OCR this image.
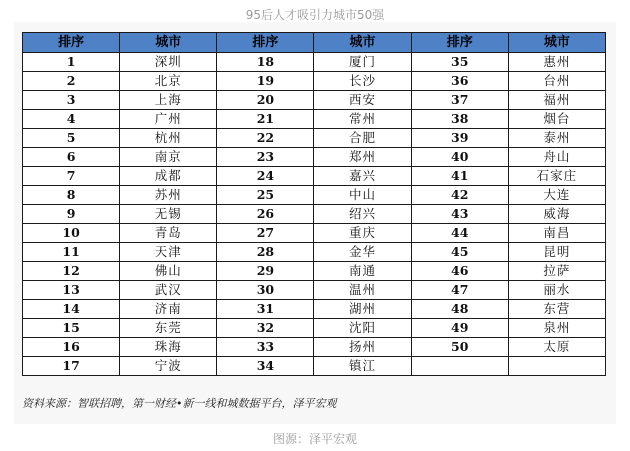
95后人才吸引力城市50强
排序	城市	排序	城市	排序	城市
1	深圳	18	厦门	35	惠州
2	北京	19	长沙	36	台州
3	上海	20	西安	37	福州
4	广州	21	常州	38	烟台
5	杭州	22	合肥	39	泰州
6	南京	23	郑州	40	舟山
7	成都	24	嘉兴	41	石家庄
8	苏州	25	中山	42	大连
9	无锡	26	绍兴	43	威海
10	青岛	27	重庆	44	南昌
11	天津	28	金华	45	昆明
12	佛山	29	南通	46	拉萨
13	武汉	30	温州	47	丽水
14	济南	31	湖州	48	东营
15	东莞	32	沈阳	49	泉州
16	珠海	33	扬州	50	太原
17	宁波	34	镇江		
资料来源：智联招聘，第一财经•新一线和城数据平台，泽平宏观
图源：泽平宏观
